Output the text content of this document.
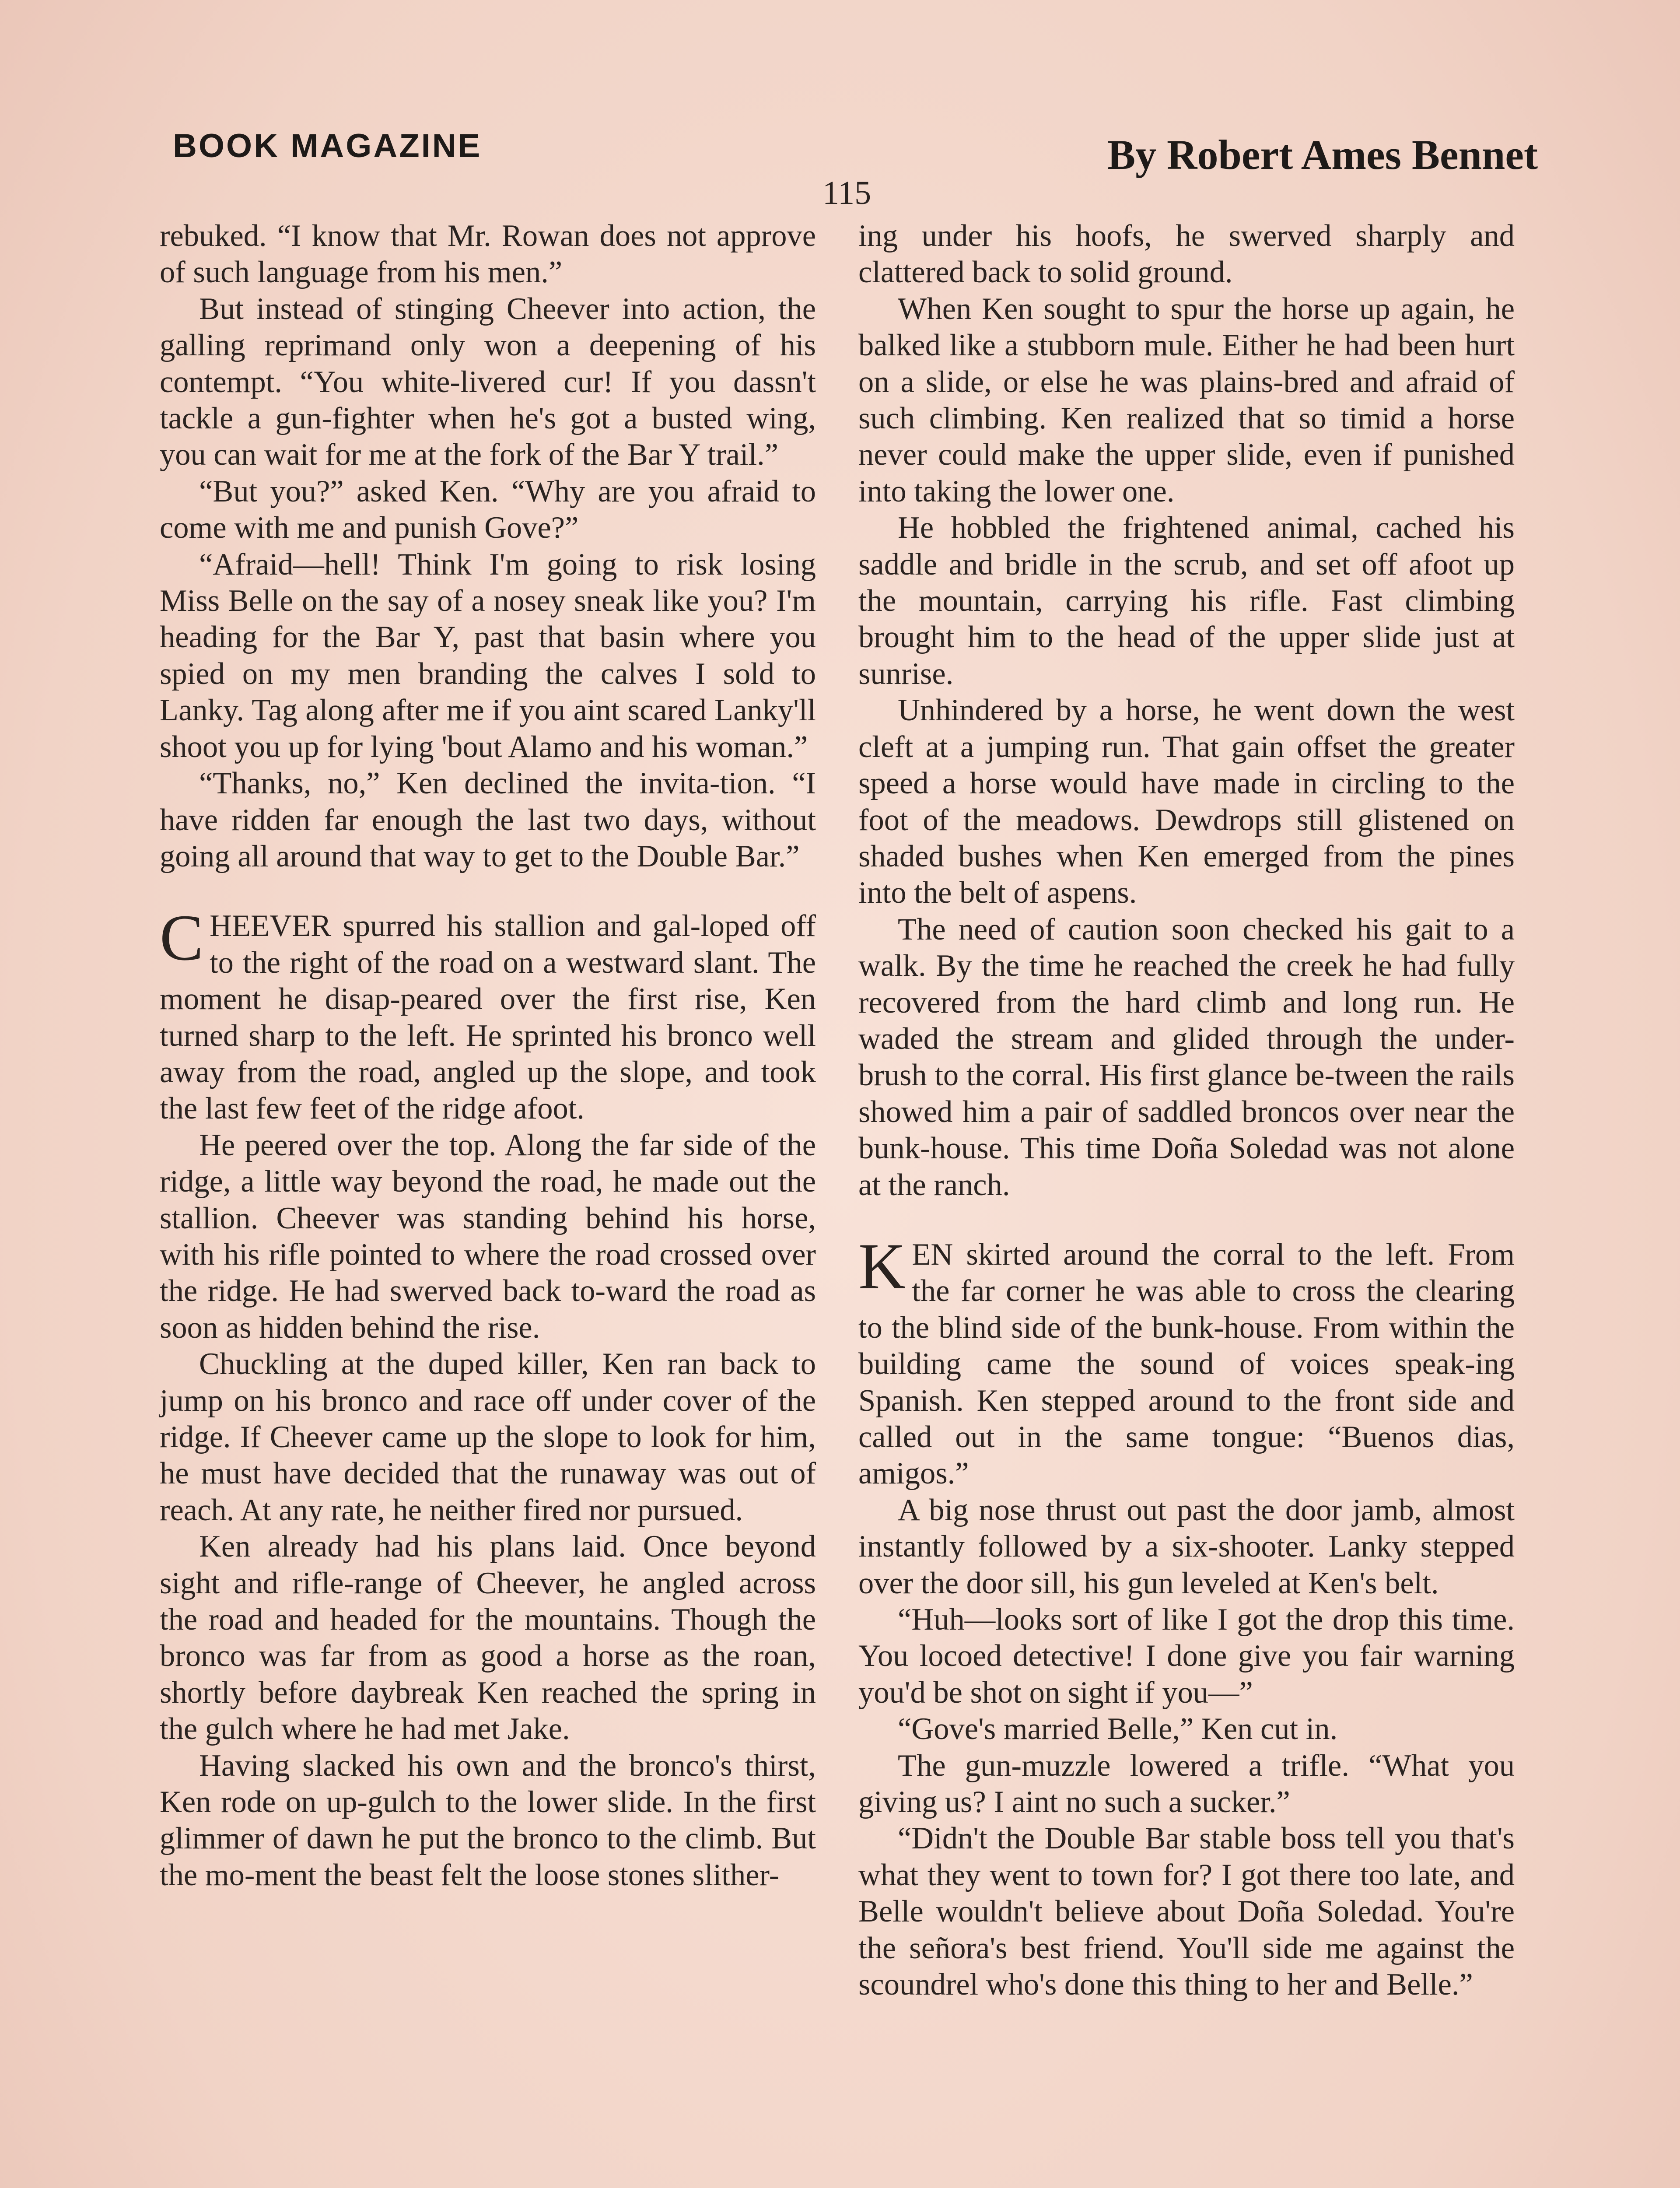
BOOK MAGAZINE	By Robert Ames Bennet
115

rebuked. “I know that Mr. Rowan does not approve of such language from his men.”

But instead of stinging Cheever into action, the galling reprimand only won a deepening of his contempt. “You white-livered cur! If you dassn't tackle a gun-fighter when he's got a busted wing, you can wait for me at the fork of the Bar Y trail.”

“But you?” asked Ken. “Why are you afraid to come with me and punish Gove?”

“Afraid—hell! Think I'm going to risk losing Miss Belle on the say of a nosey sneak like you? I'm heading for the Bar Y, past that basin where you spied on my men branding the calves I sold to Lanky. Tag along after me if you aint scared Lanky'll shoot you up for lying 'bout Alamo and his woman.”

“Thanks, no,” Ken declined the invita-tion. “I have ridden far enough the last two days, without going all around that way to get to the Double Bar.”

CHEEVER spurred his stallion and gal-loped off to the right of the road on a westward slant. The moment he disap-peared over the first rise, Ken turned sharp to the left. He sprinted his bronco well away from the road, angled up the slope, and took the last few feet of the ridge afoot.

He peered over the top. Along the far side of the ridge, a little way beyond the road, he made out the stallion. Cheever was standing behind his horse, with his rifle pointed to where the road crossed over the ridge. He had swerved back to-ward the road as soon as hidden behind the rise.

Chuckling at the duped killer, Ken ran back to jump on his bronco and race off under cover of the ridge. If Cheever came up the slope to look for him, he must have decided that the runaway was out of reach. At any rate, he neither fired nor pursued.

Ken already had his plans laid. Once beyond sight and rifle-range of Cheever, he angled across the road and headed for the mountains. Though the bronco was far from as good a horse as the roan, shortly before daybreak Ken reached the spring in the gulch where he had met Jake.

Having slacked his own and the bronco's thirst, Ken rode on up-gulch to the lower slide. In the first glimmer of dawn he put the bronco to the climb. But the mo-ment the beast felt the loose stones slither-

ing under his hoofs, he swerved sharply and clattered back to solid ground.

When Ken sought to spur the horse up again, he balked like a stubborn mule. Either he had been hurt on a slide, or else he was plains-bred and afraid of such climbing. Ken realized that so timid a horse never could make the upper slide, even if punished into taking the lower one.

He hobbled the frightened animal, cached his saddle and bridle in the scrub, and set off afoot up the mountain, carrying his rifle. Fast climbing brought him to the head of the upper slide just at sunrise.

Unhindered by a horse, he went down the west cleft at a jumping run. That gain offset the greater speed a horse would have made in circling to the foot of the meadows. Dewdrops still glistened on shaded bushes when Ken emerged from the pines into the belt of aspens.

The need of caution soon checked his gait to a walk. By the time he reached the creek he had fully recovered from the hard climb and long run. He waded the stream and glided through the under-brush to the corral. His first glance be-tween the rails showed him a pair of saddled broncos over near the bunk-house. This time Doña Soledad was not alone at the ranch.

KEN skirted around the corral to the left. From the far corner he was able to cross the clearing to the blind side of the bunk-house. From within the building came the sound of voices speak-ing Spanish. Ken stepped around to the front side and called out in the same tongue: “Buenos dias, amigos.”

A big nose thrust out past the door jamb, almost instantly followed by a six-shooter. Lanky stepped over the door sill, his gun leveled at Ken's belt.

“Huh—looks sort of like I got the drop this time. You locoed detective! I done give you fair warning you'd be shot on sight if you—”

“Gove's married Belle,” Ken cut in.

The gun-muzzle lowered a trifle. “What you giving us? I aint no such a sucker.”

“Didn't the Double Bar stable boss tell you that's what they went to town for? I got there too late, and Belle wouldn't believe about Doña Soledad. You're the señora's best friend. You'll side me against the scoundrel who's done this thing to her and Belle.”
